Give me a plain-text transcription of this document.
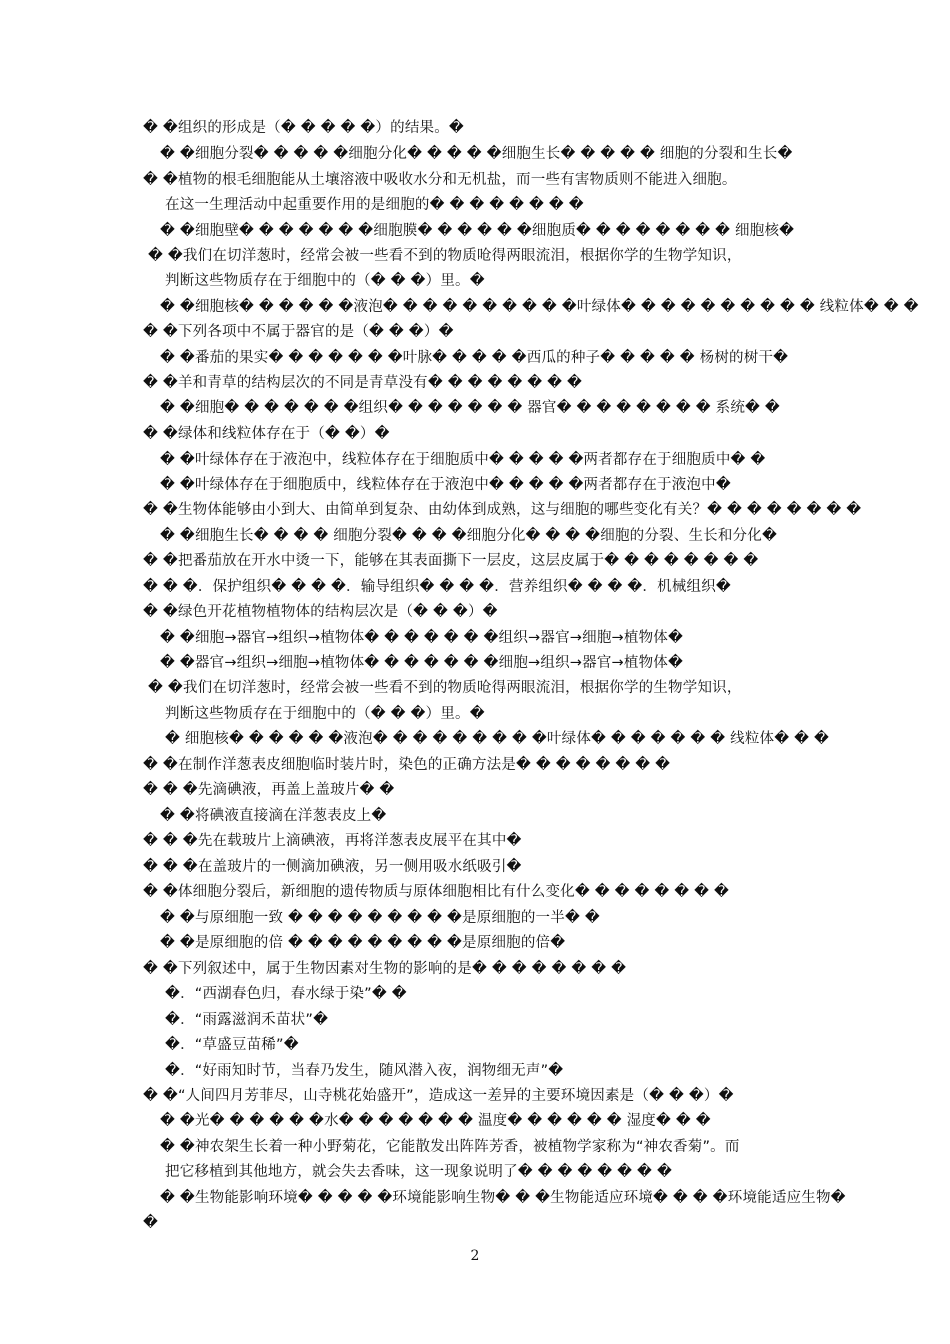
� �组织的形成是（� � � � �）的结果。�
� �细胞分裂� � � � �细胞分化� � � � �细胞生长� � � � � 细胞的分裂和生长�
� �植物的根毛细胞能从土壤溶液中吸收水分和无机盐，而一些有害物质则不能进入细胞。
在这一生理活动中起重要作用的是细胞的� � � � � � � �
� �细胞壁� � � � � � �细胞膜� � � � � �细胞质� � � � � � � � 细胞核�
� �我们在切洋葱时，经常会被一些看不到的物质呛得两眼流泪，根据你学的生物学知识，
判断这些物质存在于细胞中的（� � �）里。�
� �细胞核� � � � � �液泡� � � � � � � � � �叶绿体� � � � � � � � � � 线粒体� � �
� �下列各项中不属于器官的是（� � �）�
� �番茄的果实� � � � � � �叶脉� � � � �西瓜的种子� � � � � 杨树的树干�
� �羊和青草的结构层次的不同是青草没有� � � � � � � �
� �细胞� � � � � � �组织� � � � � � � 器官� � � � � � � � 系统� �
� �绿体和线粒体存在于（� �）�
� �叶绿体存在于液泡中，线粒体存在于细胞质中� � � � �两者都存在于细胞质中� �
� �叶绿体存在于细胞质中，线粒体存在于液泡中� � � � �两者都存在于液泡中�
� �生物体能够由小到大、由简单到复杂、由幼体到成熟，这与细胞的哪些变化有关？� � � � � � � �
� �细胞生长� � � � 细胞分裂� � � �细胞分化� � � �细胞的分裂、生长和分化�
� �把番茄放在开水中烫一下，能够在其表面撕下一层皮，这层皮属于� � � � � � � �
� � �．保护组织� � � �．输导组织� � � �．营养组织� � � �．机械组织�
� �绿色开花植物植物体的结构层次是（� � �）�
� �细胞→器官→组织→植物体� � � � � � �组织→器官→细胞→植物体�
� �器官→组织→细胞→植物体� � � � � � �细胞→组织→器官→植物体�
� �我们在切洋葱时，经常会被一些看不到的物质呛得两眼流泪，根据你学的生物学知识，
判断这些物质存在于细胞中的（� � �）里。�
� 细胞核� � � � � �液泡� � � � � � � � �叶绿体� � � � � � � 线粒体� � �
� �在制作洋葱表皮细胞临时装片时，染色的正确方法是� � � � � � � �
� � �先滴碘液，再盖上盖玻片� �
� �将碘液直接滴在洋葱表皮上�
� � �先在载玻片上滴碘液，再将洋葱表皮展平在其中�
� � �在盖玻片的一侧滴加碘液，另一侧用吸水纸吸引�
� �体细胞分裂后，新细胞的遗传物质与原体细胞相比有什么变化� � � � � � � �
� �与原细胞一致 � � � � � � � � �是原细胞的一半� �
� �是原细胞的倍 � � � � � � � � �是原细胞的倍�
� �下列叙述中，属于生物因素对生物的影响的是� � � � � � � �
�．“西湖春色归，春水绿于染”� �
�．“雨露滋润禾苗状”�
�．“草盛豆苗稀”�
�．“好雨知时节，当春乃发生，随风潜入夜，润物细无声”�
� �“人间四月芳菲尽，山寺桃花始盛开”，造成这一差异的主要环境因素是（� � �）�
� �光� � � � � �水� � � � � � � 温度� � � � � � 湿度� � �
� �神农架生长着一种小野菊花，它能散发出阵阵芳香，被植物学家称为“神农香菊”。而
把它移植到其他地方，就会失去香味，这一现象说明了� � � � � � � �
� �生物能影响环境� � � � �环境能影响生物� � �生物能适应环境� � � �环境能适应生物�
�
2
